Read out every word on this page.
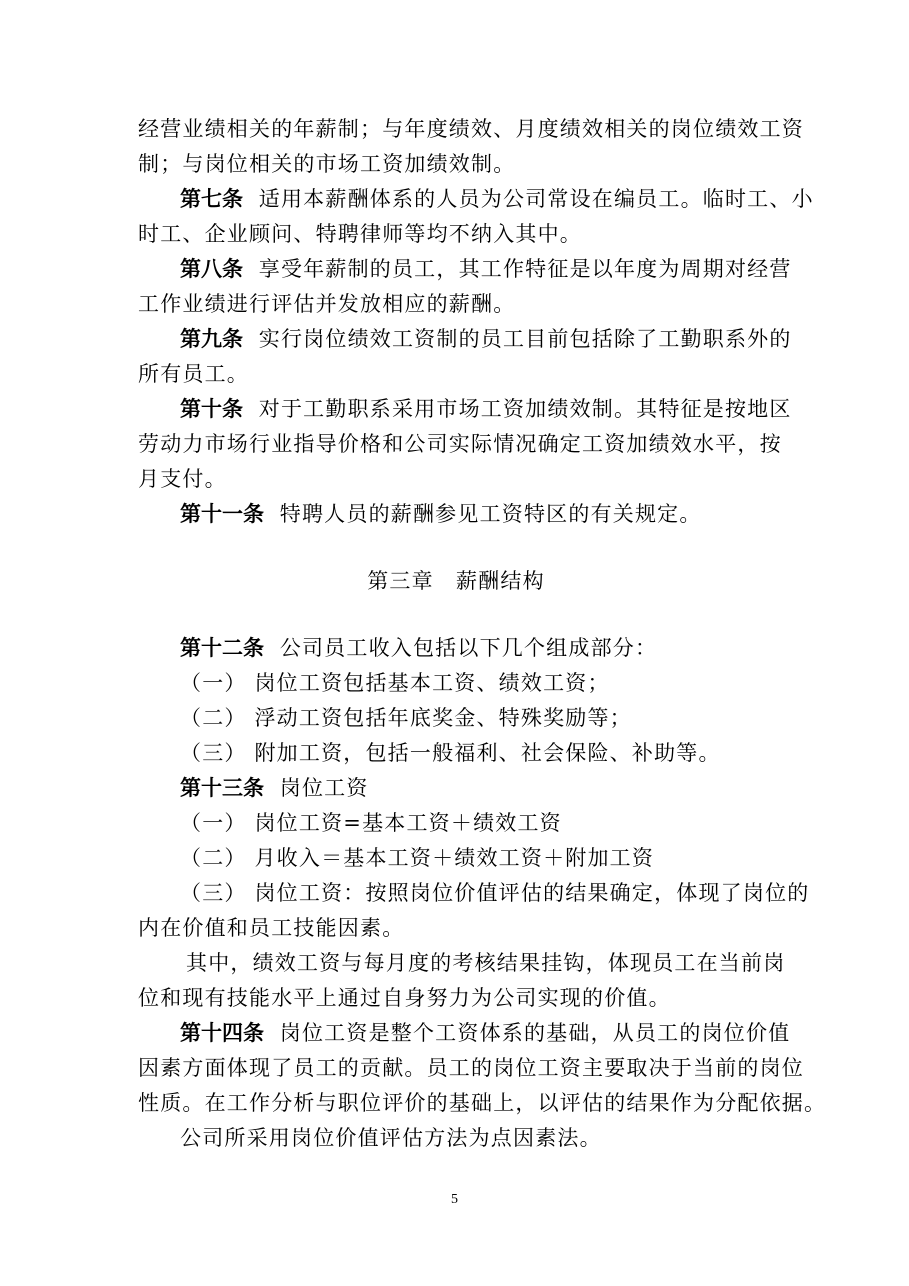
经营业绩相关的年薪制；与年度绩效、月度绩效相关的岗位绩效工资
制；与岗位相关的市场工资加绩效制。
第七条 适用本薪酬体系的人员为公司常设在编员工。临时工、小
时工、企业顾问、特聘律师等均不纳入其中。
第八条 享受年薪制的员工，其工作特征是以年度为周期对经营
工作业绩进行评估并发放相应的薪酬。
第九条 实行岗位绩效工资制的员工目前包括除了工勤职系外的
所有员工。
第十条 对于工勤职系采用市场工资加绩效制。其特征是按地区
劳动力市场行业指导价格和公司实际情况确定工资加绩效水平，按
月支付。
第十一条 特聘人员的薪酬参见工资特区的有关规定。
第三章　薪酬结构
第十二条 公司员工收入包括以下几个组成部分：
（一） 岗位工资包括基本工资、绩效工资；
（二） 浮动工资包括年底奖金、特殊奖励等；
（三） 附加工资，包括一般福利、社会保险、补助等。
第十三条 岗位工资
（一） 岗位工资=基本工资＋绩效工资
（二） 月收入＝基本工资＋绩效工资＋附加工资
（三） 岗位工资：按照岗位价值评估的结果确定，体现了岗位的
内在价值和员工技能因素。
其中，绩效工资与每月度的考核结果挂钩，体现员工在当前岗
位和现有技能水平上通过自身努力为公司实现的价值。
第十四条 岗位工资是整个工资体系的基础，从员工的岗位价值
因素方面体现了员工的贡献。员工的岗位工资主要取决于当前的岗位
性质。在工作分析与职位评价的基础上，以评估的结果作为分配依据。
公司所采用岗位价值评估方法为点因素法。
5
